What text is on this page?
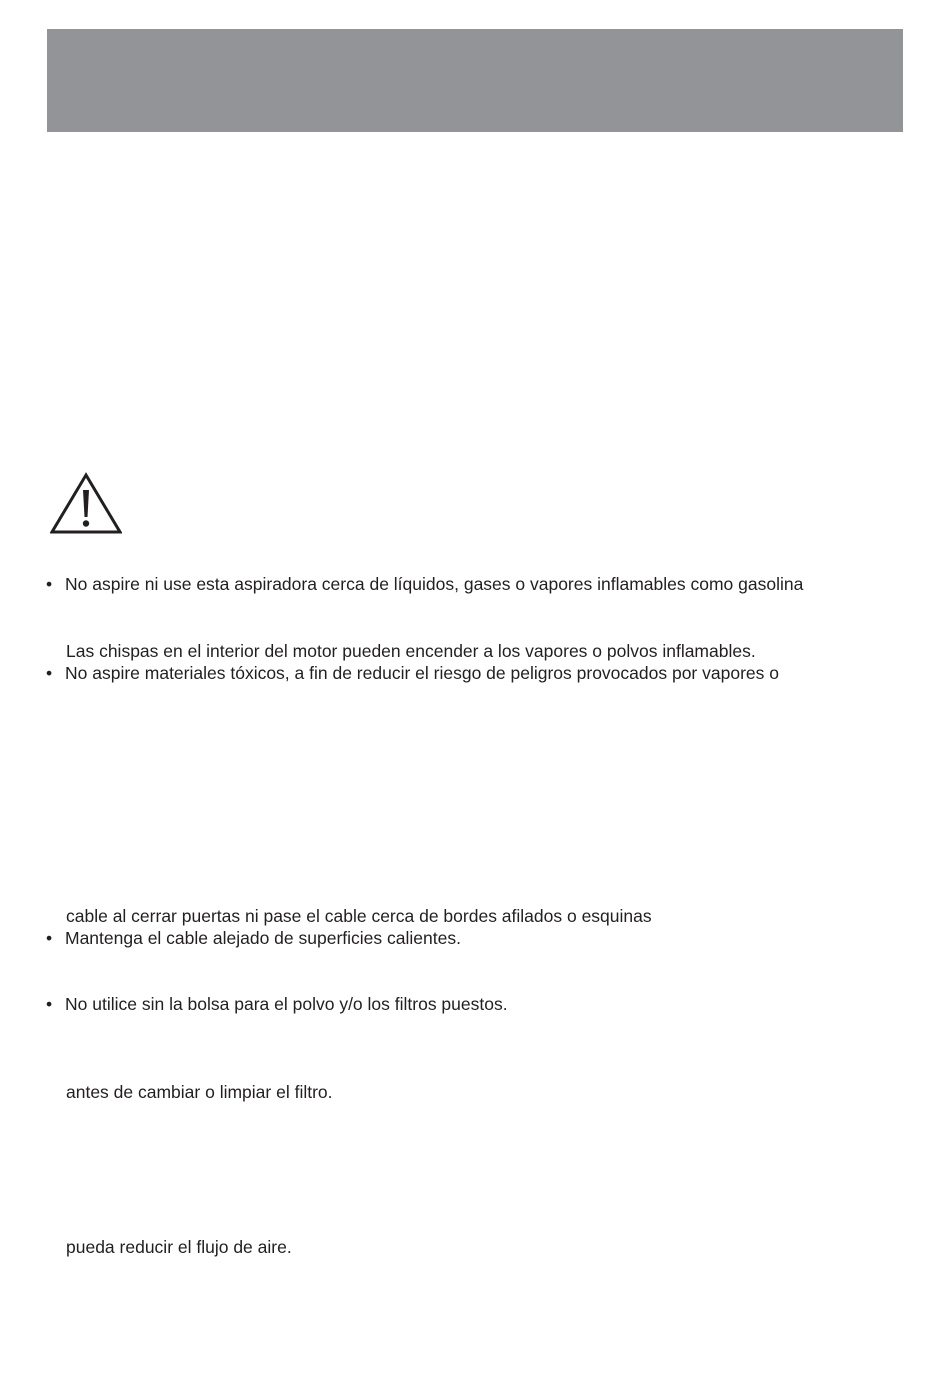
• No aspire ni use esta aspiradora cerca de líquidos, gases o vapores inflamables como gasolina
Las chispas en el interior del motor pueden encender a los vapores o polvos inflamables.
• No aspire materiales tóxicos, a fin de reducir el riesgo de peligros provocados por vapores o
cable al cerrar puertas ni pase el cable cerca de bordes afilados o esquinas
• Mantenga el cable alejado de superficies calientes.
• No utilice sin la bolsa para el polvo y/o los filtros puestos.
antes de cambiar o limpiar el filtro.
pueda reducir el flujo de aire.
